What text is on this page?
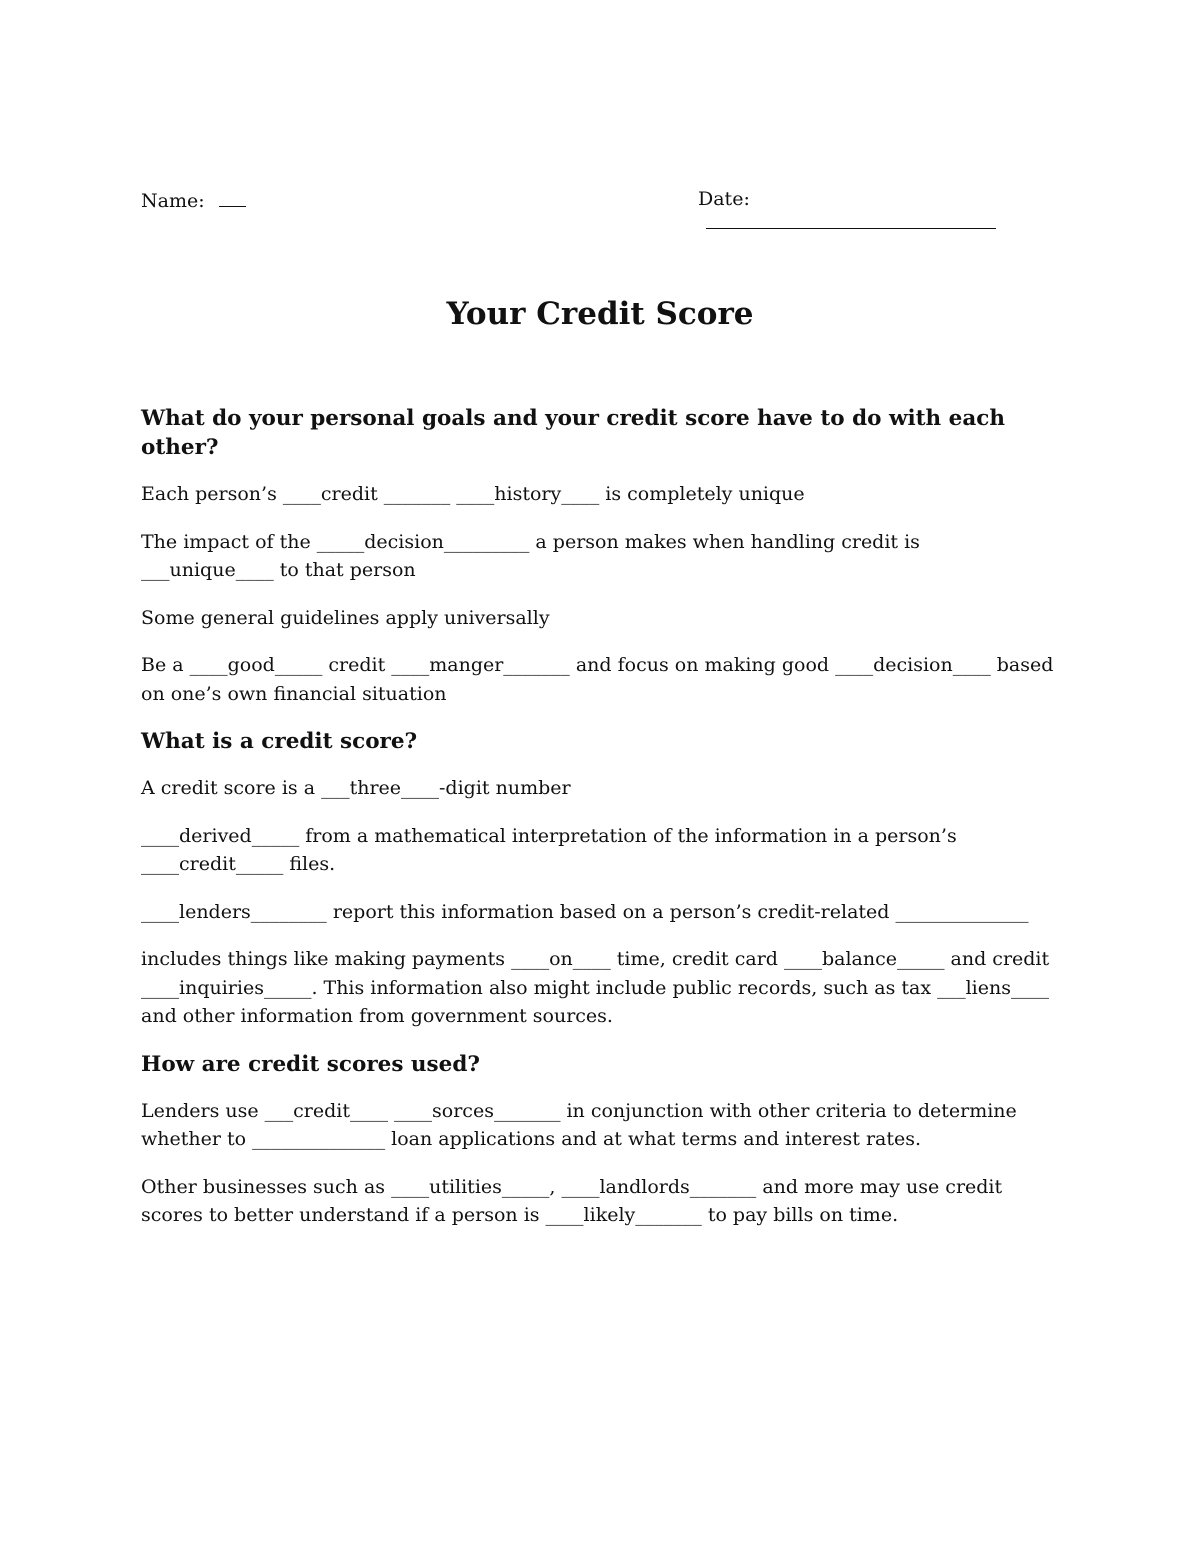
Name:	Date:
Your Credit Score
What do your personal goals and your credit score have to do with each other?

Each person’s ____credit _______ ____history____ is completely unique

The impact of the _____decision_________ a person makes when handling credit is ___unique____ to that person

Some general guidelines apply universally

Be a ____good_____ credit ____manger_______ and focus on making good ____decision____ based on one’s own financial situation

What is a credit score?

A credit score is a ___three____-digit number

____derived_____ from a mathematical interpretation of the information in a person’s ____credit_____ files.

____lenders________ report this information based on a person’s credit-related ______________

includes things like making payments ____on____ time, credit card ____balance_____ and credit ____inquiries_____. This information also might include public records, such as tax ___liens____ and other information from government sources.

How are credit scores used?

Lenders use ___credit____ ____sorces_______ in conjunction with other criteria to determine whether to ______________ loan applications and at what terms and interest rates.

Other businesses such as ____utilities_____, ____landlords_______ and more may use credit scores to better understand if a person is ____likely_______ to pay bills on time.
